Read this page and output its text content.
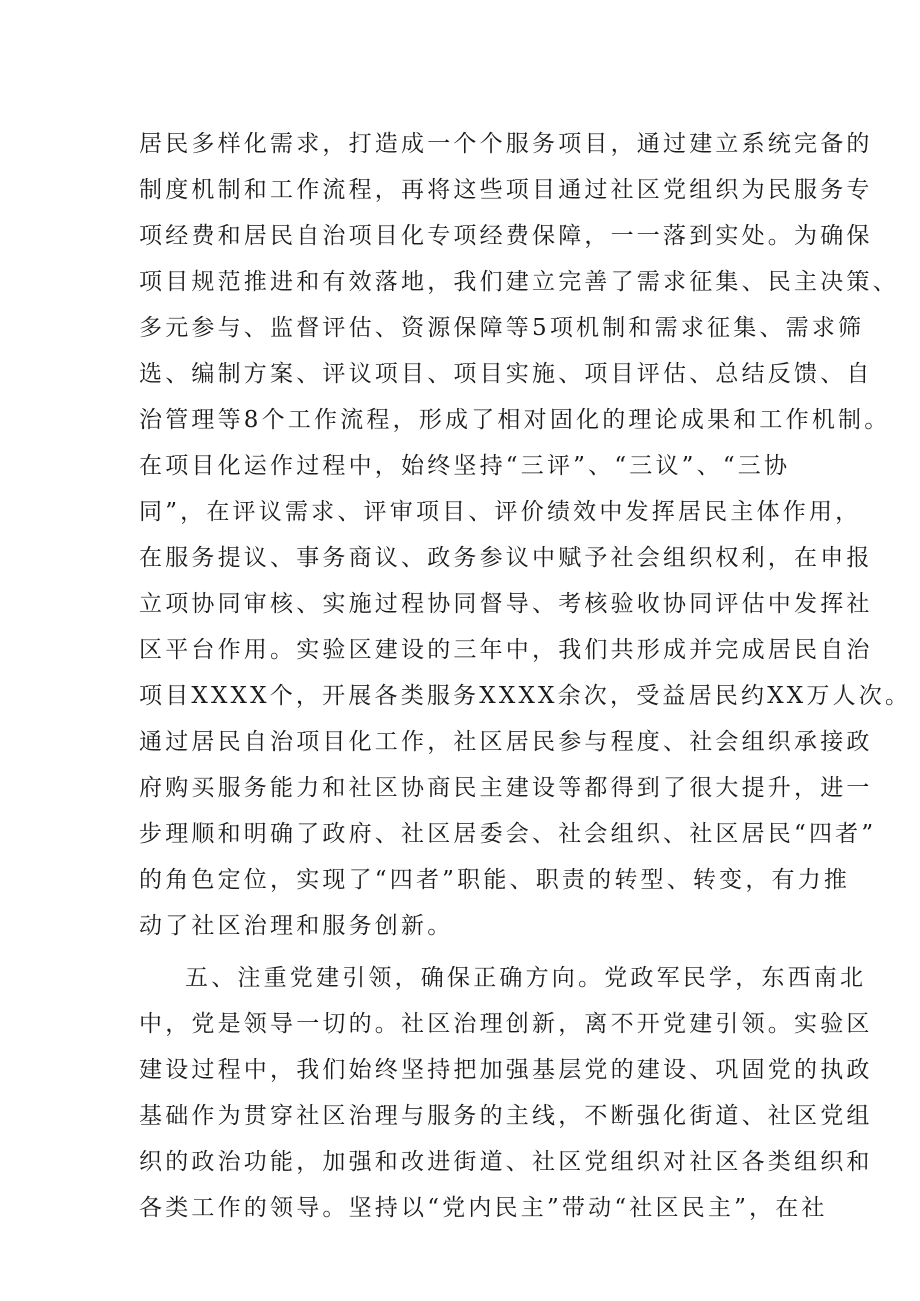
居民多样化需求，打造成一个个服务项目，通过建立系统完备的
制度机制和工作流程，再将这些项目通过社区党组织为民服务专
项经费和居民自治项目化专项经费保障，一一落到实处。为确保
项目规范推进和有效落地，我们建立完善了需求征集、民主决策、
多元参与、监督评估、资源保障等5项机制和需求征集、需求筛
选、编制方案、评议项目、项目实施、项目评估、总结反馈、自
治管理等8个工作流程，形成了相对固化的理论成果和工作机制。
在项目化运作过程中，始终坚持“三评”、“三议”、“三协
同”，在评议需求、评审项目、评价绩效中发挥居民主体作用，
在服务提议、事务商议、政务参议中赋予社会组织权利，在申报
立项协同审核、实施过程协同督导、考核验收协同评估中发挥社
区平台作用。实验区建设的三年中，我们共形成并完成居民自治
项目XXXX个，开展各类服务XXXX余次，受益居民约XX万人次。
通过居民自治项目化工作，社区居民参与程度、社会组织承接政
府购买服务能力和社区协商民主建设等都得到了很大提升，进一
步理顺和明确了政府、社区居委会、社会组织、社区居民“四者”
的角色定位，实现了“四者”职能、职责的转型、转变，有力推
动了社区治理和服务创新。
五、注重党建引领，确保正确方向。党政军民学，东西南北
中，党是领导一切的。社区治理创新，离不开党建引领。实验区
建设过程中，我们始终坚持把加强基层党的建设、巩固党的执政
基础作为贯穿社区治理与服务的主线，不断强化街道、社区党组
织的政治功能，加强和改进街道、社区党组织对社区各类组织和
各类工作的领导。坚持以“党内民主”带动“社区民主”，在社
